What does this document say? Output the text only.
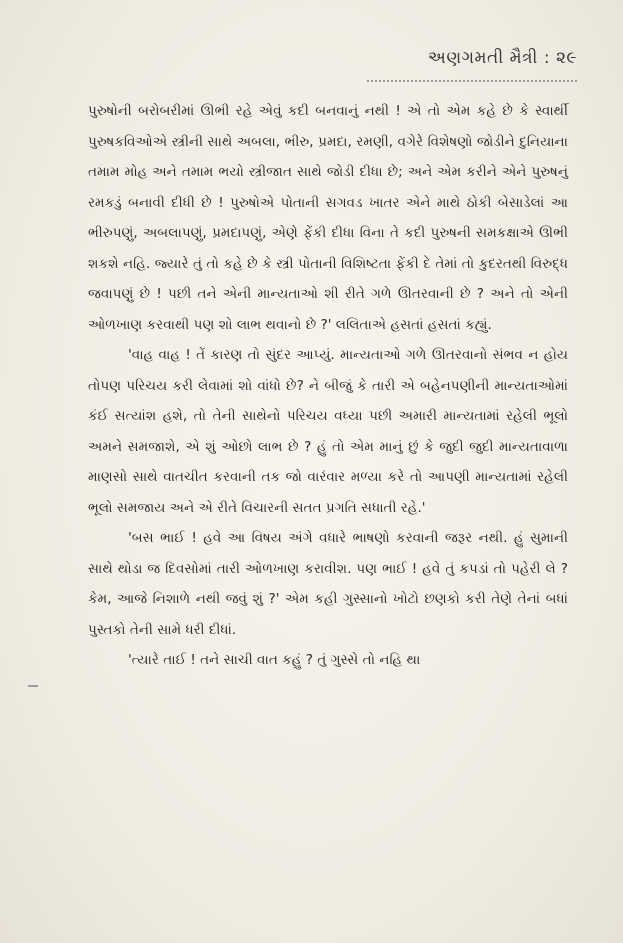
અણગમતી મૈત્રી : ૨૯

પુરુષોની બરોબરીમાં ઊભી રહે એવું કદી બનવાનું નથી ! એ તો એમ કહે છે કે સ્વાર્થી પુરુષકવિઓએ સ્ત્રીની સાથે અબલા, ભીરુ, પ્રમદા, રમણી, વગેરે વિશેષણો જોડીને દુનિયાના તમામ મોહ અને તમામ ભયો સ્ત્રીજાત સાથે જોડી દીધા છે; અને એમ કરીને એને પુરુષનું રમકડું બનાવી દીધી છે ! પુરુષોએ પોતાની સગવડ ખાતર એને માથે ઠોકી બેસાડેલાં આ ભીરુપણું, અબલાપણું, પ્રમદાપણું, એણે ફેંકી દીધા વિના તે કદી પુરુષની સમકક્ષાએ ઊભી શકશે નહિ. જ્યારે તું તો કહે છે કે સ્ત્રી પોતાની વિશિષ્ટતા ફેંકી દે તેમાં તો કુદરતથી વિરુદ્ધ જવાપણું છે ! પછી તને એની માન્યતાઓ શી રીતે ગળે ઊતરવાની છે ? અને તો એની ઓળખાણ કરવાથી પણ શો લાભ થવાનો છે ?' લલિતાએ હસતાં હસતાં કહ્યું.

'વાહ વાહ ! તેં કારણ તો સુંદર આપ્યું. માન્યતાઓ ગળે ઊતરવાનો સંભવ ન હોય તોપણ પરિચય કરી લેવામાં શો વાંધો છે? ને બીજું કે તારી એ બહેનપણીની માન્યતાઓમાં કંઈ સત્યાંશ હશે, તો તેની સાથેનો પરિચય વધ્યા પછી અમારી માન્યતામાં રહેલી ભૂલો અમને સમજાશે, એ શું ઓછો લાભ છે ? હું તો એમ માનું છું કે જુદી જુદી માન્યતાવાળા માણસો સાથે વાતચીત કરવાની તક જો વારંવાર મળ્યા કરે તો આપણી માન્યતામાં રહેલી ભૂલો સમજાય અને એ રીતે વિચારની સતત પ્રગતિ સધાતી રહે.'

'બસ ભાઈ ! હવે આ વિષય અંગે વધારે ભાષણો કરવાની જરૂર નથી. હું સુમાની સાથે થોડા જ દિવસોમાં તારી ઓળખાણ કરાવીશ. પણ ભાઈ ! હવે તું કપડાં તો પહેરી લે ? કેમ, આજે નિશાળે નથી જવું શું ?' એમ કહી ગુસ્સાનો ખોટો છણકો કરી તેણે તેનાં બધાં પુસ્તકો તેની સામે ધરી દીધાં.

'ત્યારે તાઈ ! તને સાચી વાત કહું ? તું ગુસ્સે તો નહિ થા
